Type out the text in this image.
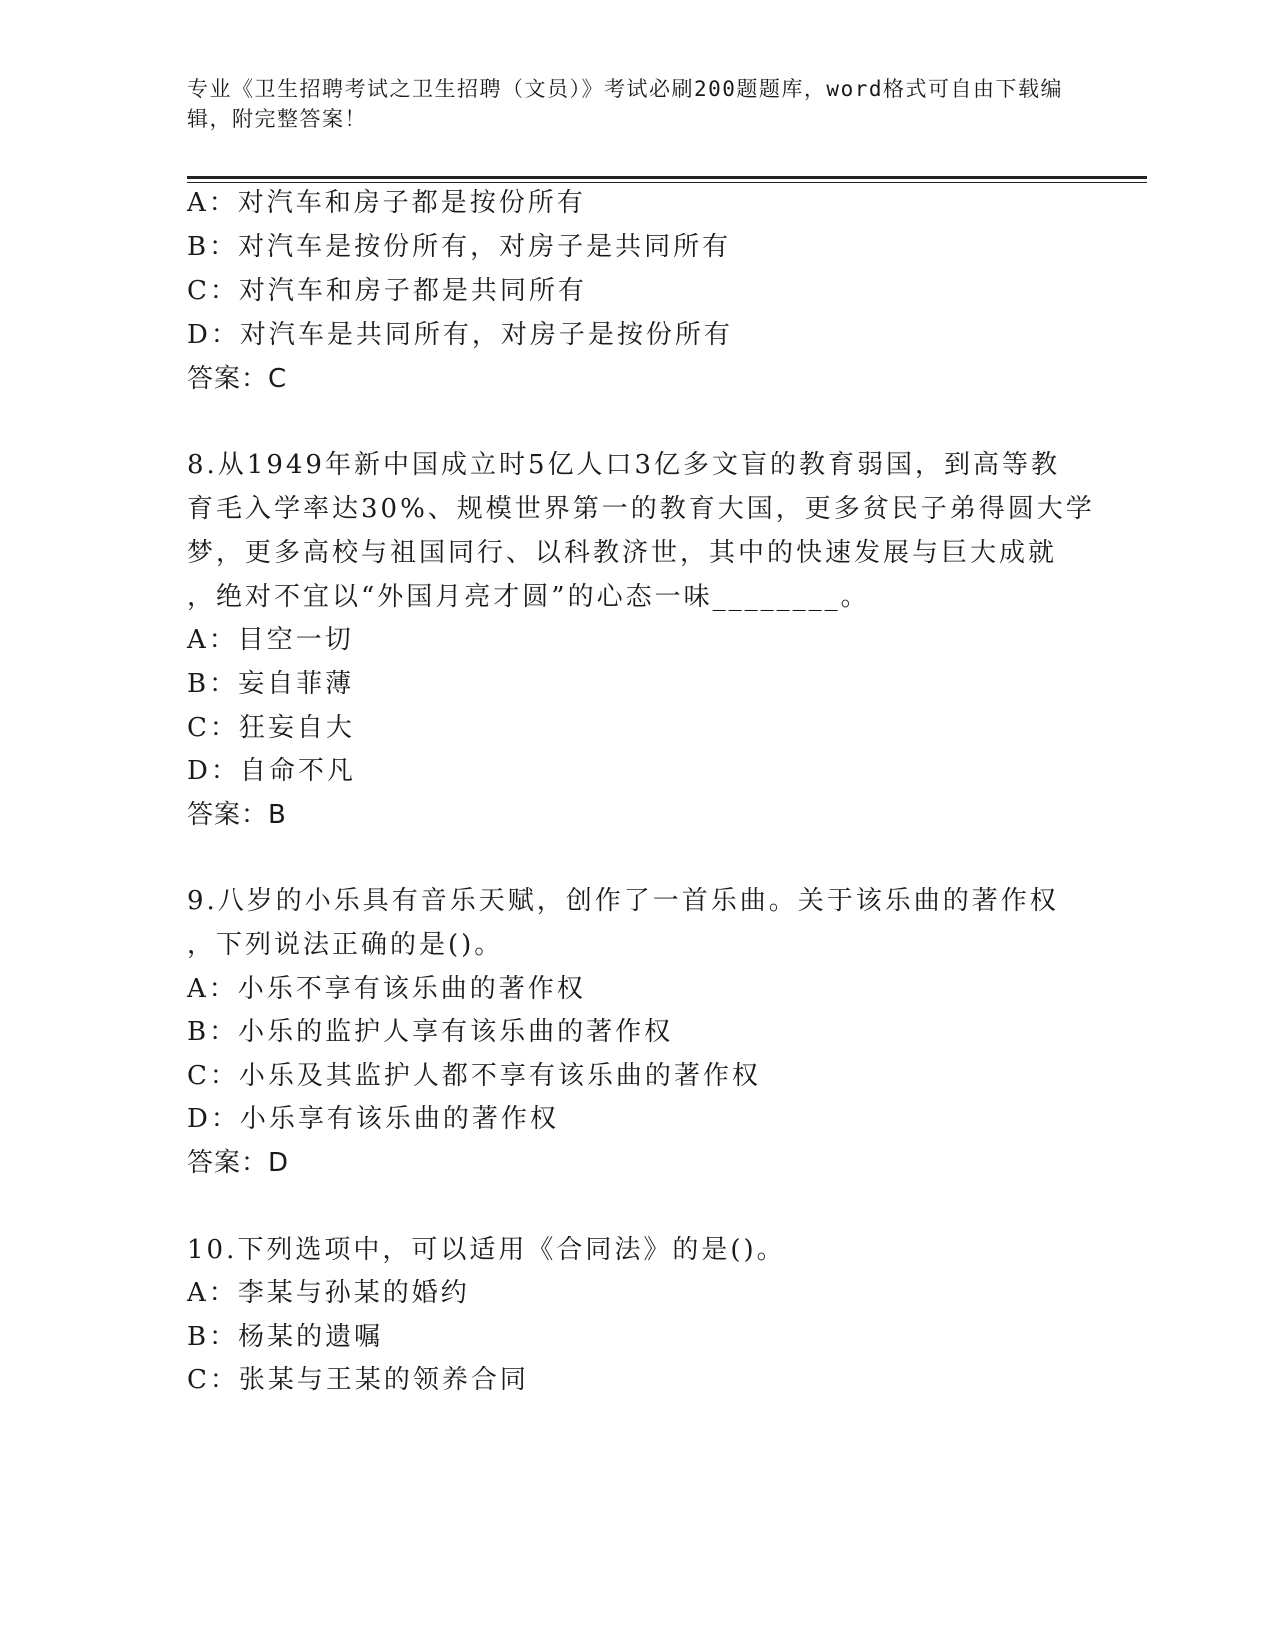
专业《卫生招聘考试之卫生招聘（文员）》考试必刷200题题库，word格式可自由下载编辑，附完整答案！
A：对汽车和房子都是按份所有
B：对汽车是按份所有，对房子是共同所有
C：对汽车和房子都是共同所有
D：对汽车是共同所有，对房子是按份所有
答案：C
8.从1949年新中国成立时5亿人口3亿多文盲的教育弱国，到高等教
育毛入学率达30%、规模世界第一的教育大国，更多贫民子弟得圆大学
梦，更多高校与祖国同行、以科教济世，其中的快速发展与巨大成就
，绝对不宜以“外国月亮才圆”的心态一味________。
A：目空一切
B：妄自菲薄
C：狂妄自大
D：自命不凡
答案：B
9.八岁的小乐具有音乐天赋，创作了一首乐曲。关于该乐曲的著作权
，下列说法正确的是()。
A：小乐不享有该乐曲的著作权
B：小乐的监护人享有该乐曲的著作权
C：小乐及其监护人都不享有该乐曲的著作权
D：小乐享有该乐曲的著作权
答案：D
10.下列选项中，可以适用《合同法》的是()。
A：李某与孙某的婚约
B：杨某的遗嘱
C：张某与王某的领养合同
